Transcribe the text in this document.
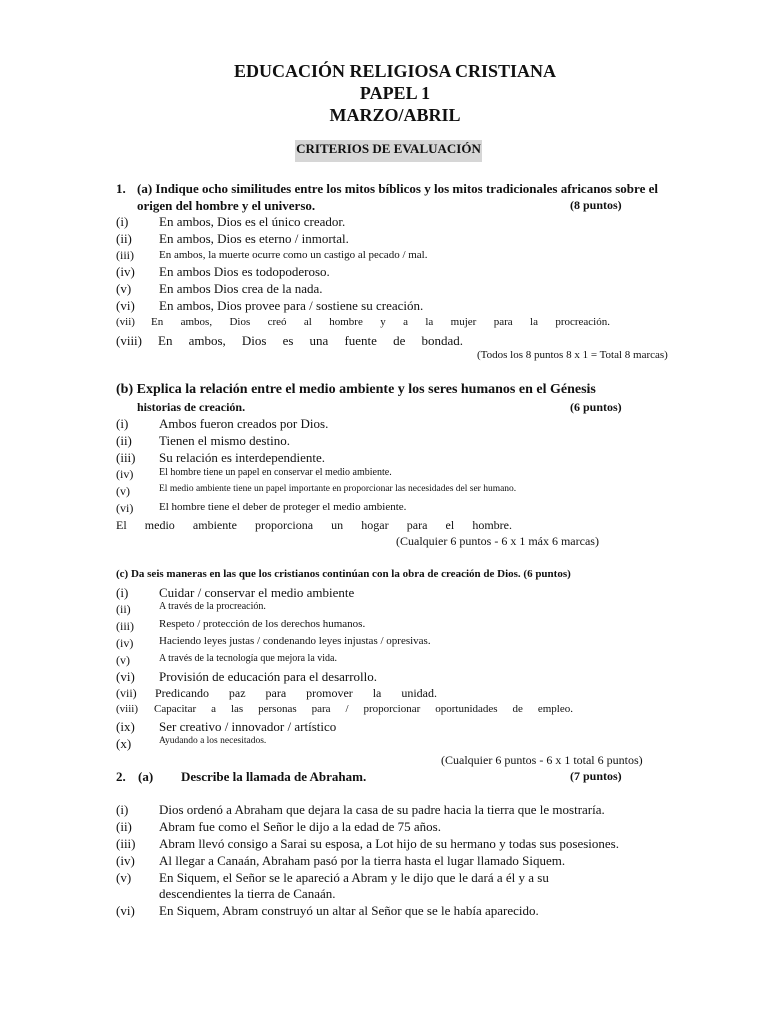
EDUCACIÓN RELIGIOSA CRISTIANA
PAPEL 1
MARZO/ABRIL
CRITERIOS DE EVALUACIÓN
1. (a) Indique ocho similitudes entre los mitos bíblicos y los mitos tradicionales africanos sobre el
origen del hombre y el universo.	(8 puntos)
(i) En ambos, Dios es el único creador.
(ii) En ambos, Dios es eterno / inmortal.
(iii) En ambos, la muerte ocurre como un castigo al pecado / mal.
(iv) En ambos Dios es todopoderoso.
(v) En ambos Dios crea de la nada.
(vi) En ambos, Dios provee para / sostiene su creación.
(vii) En ambos, Dios creó al hombre y a la mujer para la procreación.
(viii) En ambos, Dios es una fuente de bondad.
(Todos los 8 puntos 8 x 1 = Total 8 marcas)
(b) Explica la relación entre el medio ambiente y los seres humanos en el Génesis
historias de creación.	(6 puntos)
(i) Ambos fueron creados por Dios.
(ii) Tienen el mismo destino.
(iii) Su relación es interdependiente.
(iv)	El hombre tiene un papel en conservar el medio ambiente.
(v)	El medio ambiente tiene un papel importante en proporcionar las necesidades del ser humano.
(vi) El hombre tiene el deber de proteger el medio ambiente.
El medio ambiente proporciona un hogar para el hombre.
(Cualquier 6 puntos - 6 x 1 máx 6 marcas)
(c) Da seis maneras en las que los cristianos continúan con la obra de creación de Dios. (6 puntos)
(i) Cuidar / conservar el medio ambiente
(ii)	A través de la procreación.
(iii) Respeto / protección de los derechos humanos.
(iv) Haciendo leyes justas / condenando leyes injustas / opresivas.
(v)	A través de la tecnología que mejora la vida.
(vi) Provisión de educación para el desarrollo.
(vii) Predicando paz para promover la unidad.
(viii) Capacitar a las personas para / proporcionar oportunidades de empleo.
(ix) Ser creativo / innovador / artístico
(x)	Ayudando a los necesitados.
(Cualquier 6 puntos - 6 x 1 total 6 puntos)
2. (a) Describe la llamada de Abraham.	(7 puntos)
(i) Dios ordenó a Abraham que dejara la casa de su padre hacia la tierra que le mostraría.
(ii) Abram fue como el Señor le dijo a la edad de 75 años.
(iii) Abram llevó consigo a Sarai su esposa, a Lot hijo de su hermano y todas sus posesiones.
(iv) Al llegar a Canaán, Abraham pasó por la tierra hasta el lugar llamado Siquem.
(v) En Siquem, el Señor se le apareció a Abram y le dijo que le dará a él y a su
descendientes la tierra de Canaán.
(vi) En Siquem, Abram construyó un altar al Señor que se le había aparecido.
